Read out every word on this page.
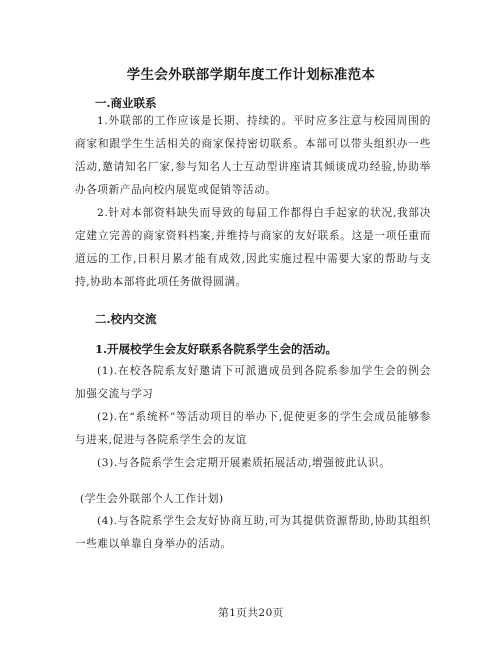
学生会外联部学期年度工作计划标准范本
一.商业联系
1.外联部的工作应该是长期、持续的。平时应多注意与校园周围的商家和跟学生生活相关的商家保持密切联系。本部可以带头组织办一些活动,邀请知名厂家,参与知名人士互动型讲座请其倾谈成功经验,协助举办各项新产品向校内展览或促销等活动。
2.针对本部资料缺失而导致的每届工作都得白手起家的状况,我部决定建立完善的商家资料档案,并维持与商家的友好联系。这是一项任重而道远的工作,日积月累才能有成效,因此实施过程中需要大家的帮助与支持,协助本部将此项任务做得圆满。
二.校内交流
1.开展校学生会友好联系各院系学生会的活动。
(1).在校各院系友好邀请下可派遣成员到各院系参加学生会的例会加强交流与学习
(2).在“系统杯”等活动项目的举办下,促使更多的学生会成员能够参与进来,促进与各院系学生会的友谊
(3).与各院系学生会定期开展素质拓展活动,增强彼此认识。
(学生会外联部个人工作计划)
(4).与各院系学生会友好协商互助,可为其提供资源帮助,协助其组织一些难以单靠自身举办的活动。
第1页共20页
